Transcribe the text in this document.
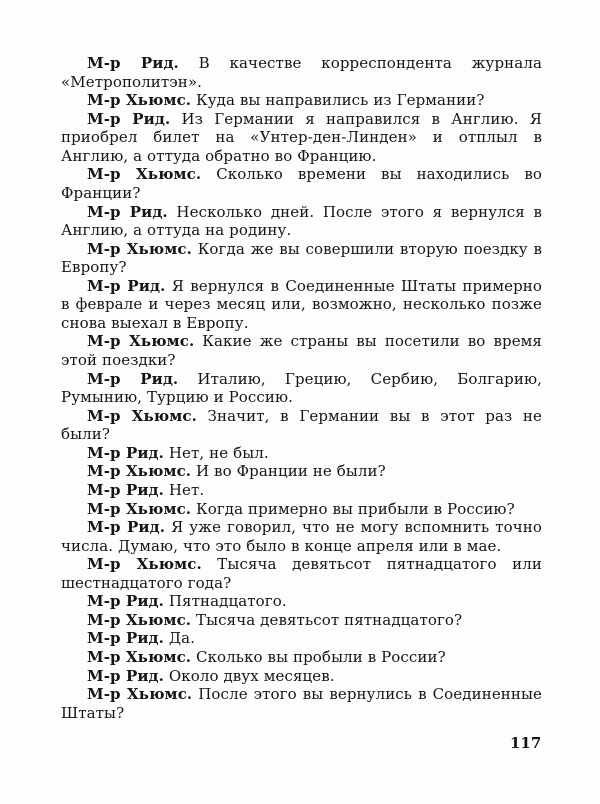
М-р Рид. В качестве корреспондента журнала «Метрополитэн».

М-р Хьюмс. Куда вы направились из Германии?

М-р Рид. Из Германии я направился в Англию. Я приобрел билет на «Унтер-ден-Линден» и отплыл в Англию, а оттуда обратно во Францию.

М-р Хьюмс. Сколько времени вы находились во Франции?

М-р Рид. Несколько дней. После этого я вернулся в Англию, а оттуда на родину.

М-р Хьюмс. Когда же вы совершили вторую поездку в Европу?

М-р Рид. Я вернулся в Соединенные Штаты примерно в феврале и через месяц или, возможно, несколько позже снова выехал в Европу.

М-р Хьюмс. Какие же страны вы посетили во время этой поездки?

М-р Рид. Италию, Грецию, Сербию, Болгарию, Румынию, Турцию и Россию.

М-р Хьюмс. Значит, в Германии вы в этот раз не были?

М-р Рид. Нет, не был.

М-р Хьюмс. И во Франции не были?

М-р Рид. Нет.

М-р Хьюмс. Когда примерно вы прибыли в Россию?

М-р Рид. Я уже говорил, что не могу вспомнить точно числа. Думаю, что это было в конце апреля или в мае.

М-р Хьюмс. Тысяча девятьсот пятнадцатого или шестнадцатого года?

М-р Рид. Пятнадцатого.

М-р Хьюмс. Тысяча девятьсот пятнадцатого?

М-р Рид. Да.

М-р Хьюмс. Сколько вы пробыли в России?

М-р Рид. Около двух месяцев.

М-р Хьюмс. После этого вы вернулись в Соединенные Штаты?

117
